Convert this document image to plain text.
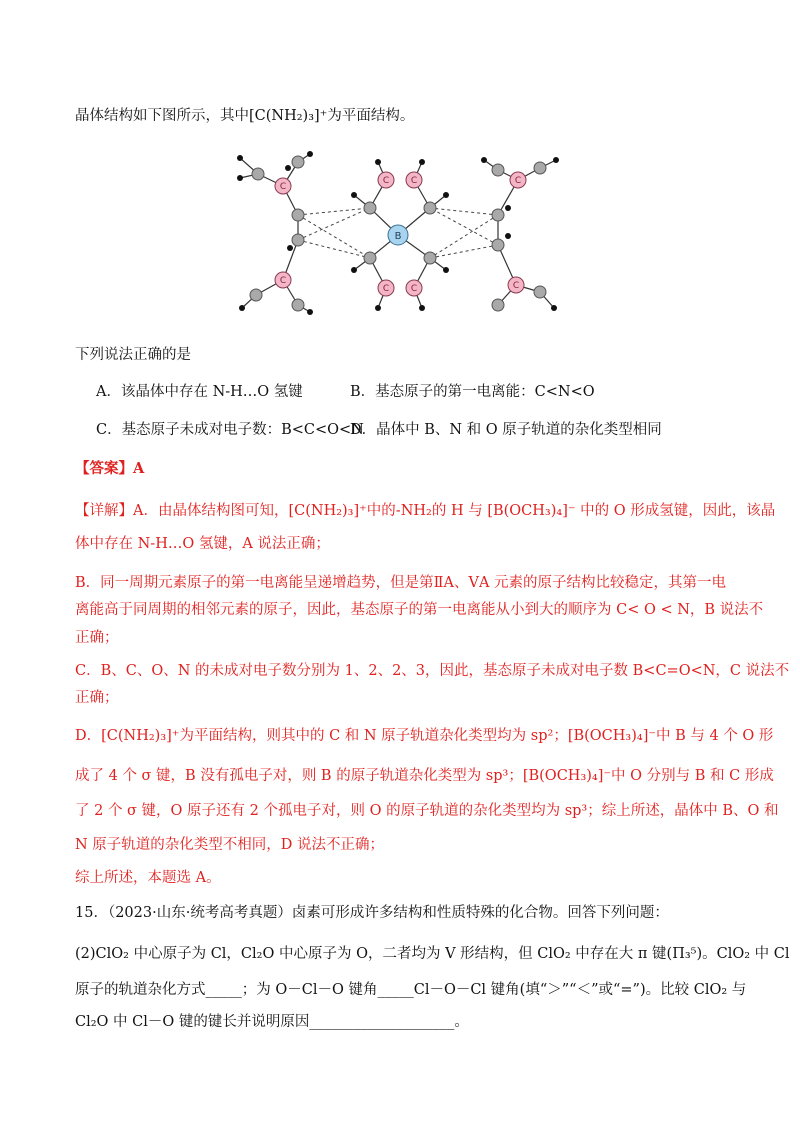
晶体结构如下图所示，其中[C(NH₂)₃]⁺为平面结构。
C
C
C C
C C
C
C
B
下列说法正确的是
A．该晶体中存在 N-H…O 氢键	B．基态原子的第一电离能：C<N<O
C．基态原子未成对电子数：B<C<O<N
D．晶体中 B、N 和 O 原子轨道的杂化类型相同
【答案】A
【详解】A．由晶体结构图可知，[C(NH₂)₃]⁺中的-NH₂的 H 与 [B(OCH₃)₄]⁻ 中的 O 形成氢键，因此，该晶
体中存在 N-H…O 氢键，A 说法正确；
B．同一周期元素原子的第一电离能呈递增趋势，但是第ⅡA、ⅤA 元素的原子结构比较稳定，其第一电
离能高于同周期的相邻元素的原子，因此，基态原子的第一电离能从小到大的顺序为 C< O < N，B 说法不
正确；
C．B、C、O、N 的未成对电子数分别为 1、2、2、3，因此，基态原子未成对电子数 B<C=O<N，C 说法不
正确；
D．[C(NH₂)₃]⁺为平面结构，则其中的 C 和 N 原子轨道杂化类型均为 sp²；[B(OCH₃)₄]⁻中 B 与 4 个 O 形
成了 4 个 σ 键，B 没有孤电子对，则 B 的原子轨道杂化类型为 sp³；[B(OCH₃)₄]⁻中 O 分别与 B 和 C 形成
了 2 个 σ 键，O 原子还有 2 个孤电子对，则 O 的原子轨道的杂化类型均为 sp³；综上所述，晶体中 B、O 和
N 原子轨道的杂化类型不相同，D 说法不正确；
综上所述，本题选 A。
15．（2023·山东·统考高考真题）卤素可形成许多结构和性质特殊的化合物。回答下列问题：
(2)ClO₂ 中心原子为 Cl，Cl₂O 中心原子为 O，二者均为 V 形结构，但 ClO₂ 中存在大 π 键(Π₃⁵)。ClO₂ 中 Cl
原子的轨道杂化方式_____；为 O－Cl－O 键角_____Cl－O－Cl 键角(填“＞”“＜”或“=”)。比较 ClO₂ 与
Cl₂O 中 Cl－O 键的键长并说明原因____________________。
